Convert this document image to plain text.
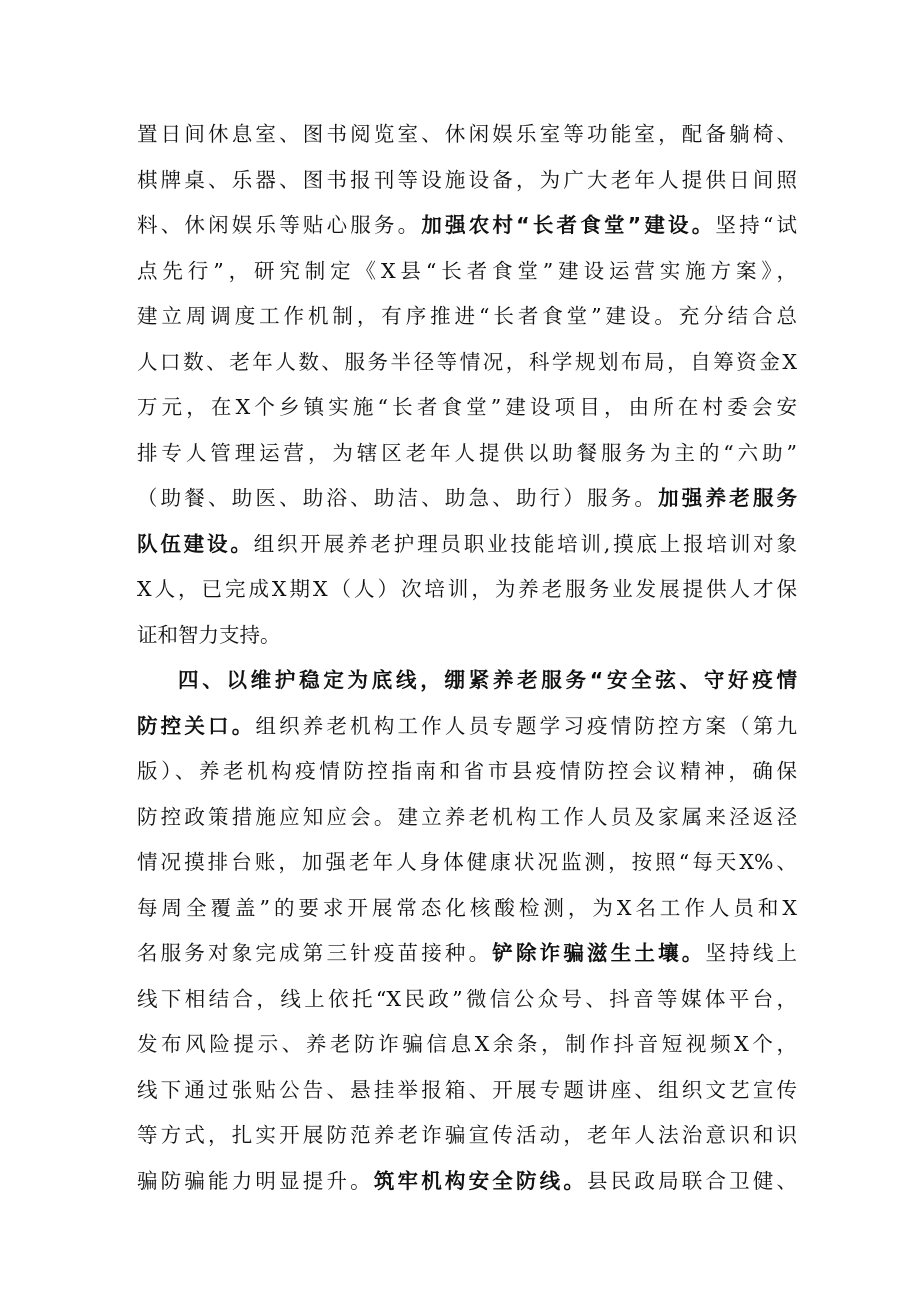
置日间休息室、图书阅览室、休闲娱乐室等功能室，配备躺椅、
棋牌桌、乐器、图书报刊等设施设备，为广大老年人提供日间照
料、休闲娱乐等贴心服务。加强农村“长者食堂”建设。坚持“试
点先行”，研究制定《X县“长者食堂”建设运营实施方案》，
建立周调度工作机制，有序推进“长者食堂”建设。充分结合总
人口数、老年人数、服务半径等情况，科学规划布局，自筹资金X
万元，在X个乡镇实施“长者食堂”建设项目，由所在村委会安
排专人管理运营，为辖区老年人提供以助餐服务为主的“六助”
（助餐、助医、助浴、助洁、助急、助行）服务。加强养老服务
队伍建设。组织开展养老护理员职业技能培训,摸底上报培训对象
X人，已完成X期X（人）次培训，为养老服务业发展提供人才保
证和智力支持。

四、以维护稳定为底线，绷紧养老服务“安全弦、守好疫情
防控关口。组织养老机构工作人员专题学习疫情防控方案（第九
版）、养老机构疫情防控指南和省市县疫情防控会议精神，确保
防控政策措施应知应会。建立养老机构工作人员及家属来泾返泾
情况摸排台账，加强老年人身体健康状况监测，按照“每天X%、
每周全覆盖”的要求开展常态化核酸检测，为X名工作人员和X
名服务对象完成第三针疫苗接种。铲除诈骗滋生土壤。坚持线上
线下相结合，线上依托“X民政”微信公众号、抖音等媒体平台，
发布风险提示、养老防诈骗信息X余条，制作抖音短视频X个，
线下通过张贴公告、悬挂举报箱、开展专题讲座、组织文艺宣传
等方式，扎实开展防范养老诈骗宣传活动，老年人法治意识和识
骗防骗能力明显提升。筑牢机构安全防线。县民政局联合卫健、
